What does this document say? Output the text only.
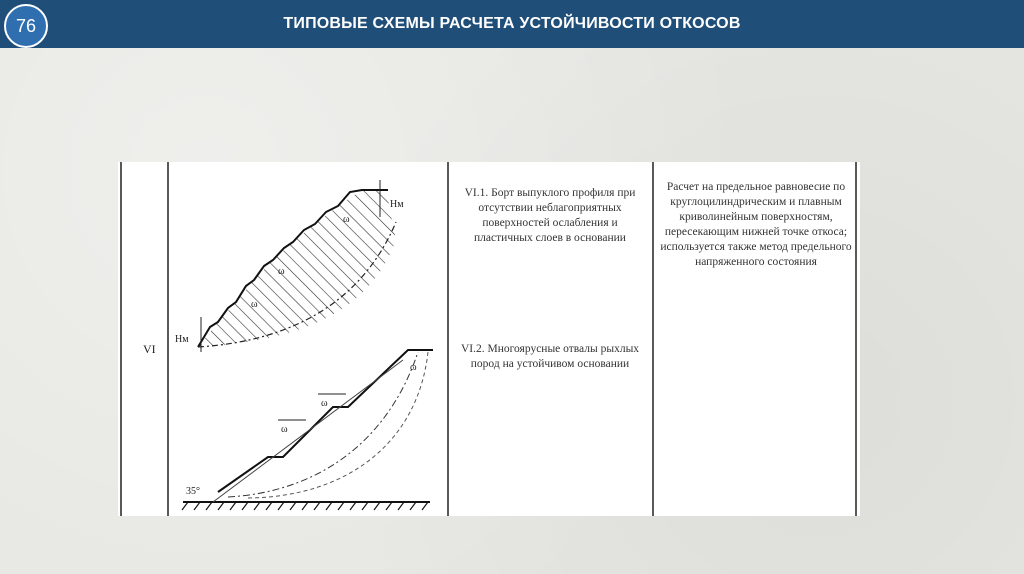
76	ТИПОВЫЕ СХЕМЫ РАСЧЕТА УСТОЙЧИВОСТИ ОТКОСОВ
Hм
Hм
ω
ω
ω
ω
ω
ω
35°
VI
VI.1. Борт выпуклого профиля при отсутствии неблагоприятных поверхностей ослабления и пластичных слоев в основании
VI.2. Многоярусные отвалы рыхлых пород на устойчивом основании
Расчет на предельное равновесие по круглоцилиндрическим и плавным криволинейным поверхностям, пересекающим нижней точке откоса; используется также метод предельного напряженного состояния
